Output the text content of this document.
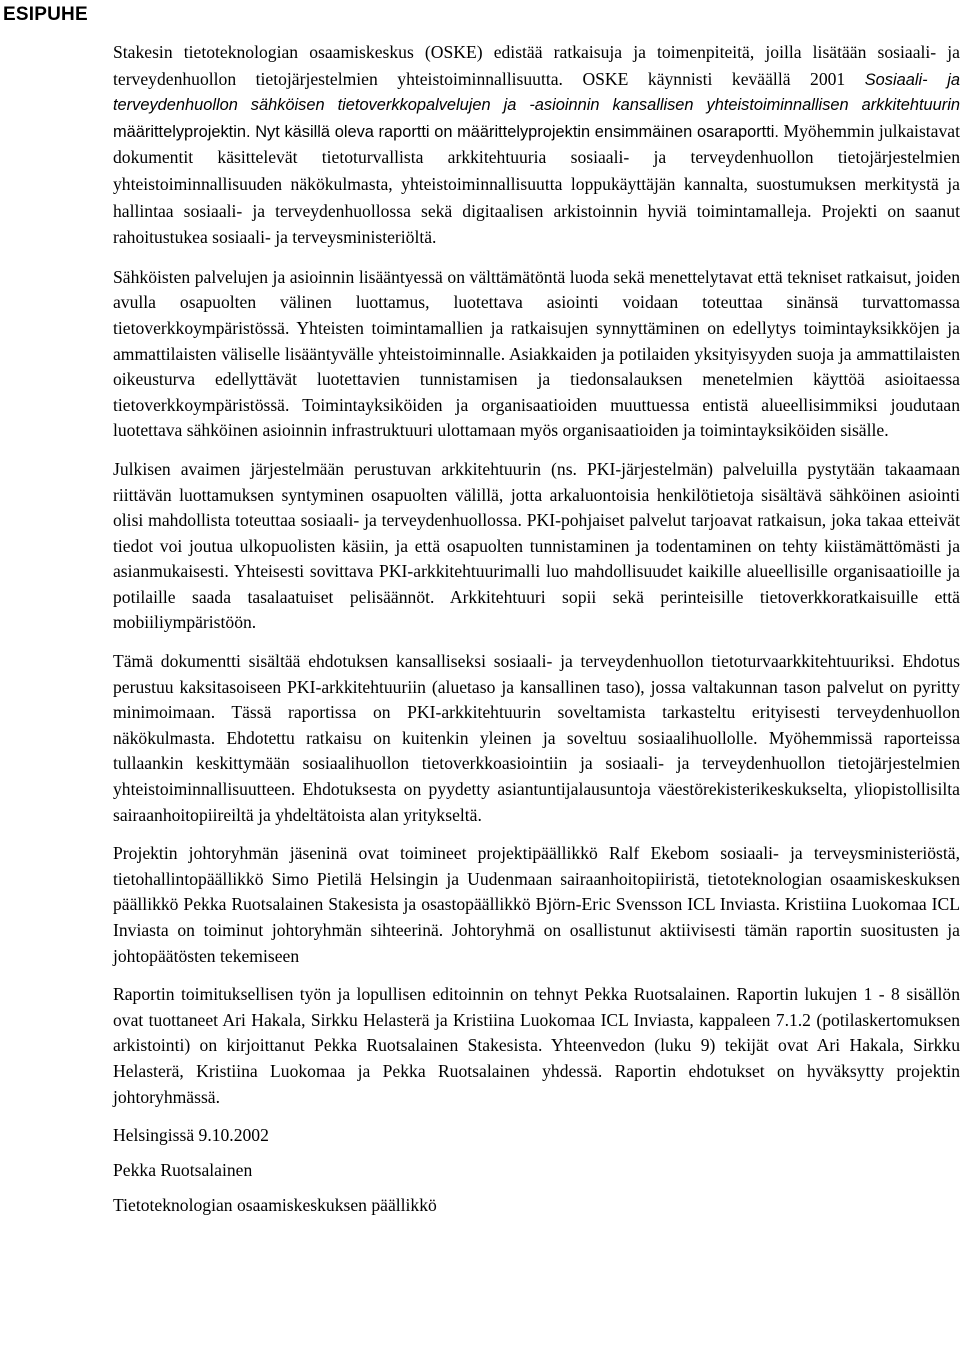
ESIPUHE

Stakesin tietoteknologian osaamiskeskus (OSKE) edistää ratkaisuja ja toimenpiteitä, joilla lisätään sosiaali- ja terveydenhuollon tietojärjestelmien yhteistoiminnallisuutta. OSKE käynnisti keväällä 2001 Sosiaali- ja terveydenhuollon sähköisen tietoverkkopalvelujen ja -asioinnin kansallisen yhteistoiminnallisen arkkitehtuurin määrittelyprojektin. Nyt käsillä oleva raportti on määrittelyprojektin ensimmäinen osaraportti. Myöhemmin julkaistavat dokumentit käsittelevät tietoturvallista arkkitehtuuria sosiaali- ja terveydenhuollon tietojärjestelmien yhteistoiminnallisuuden näkökulmasta, yhteistoiminnallisuutta loppukäyttäjän kannalta, suostumuksen merkitystä ja hallintaa sosiaali- ja terveydenhuollossa sekä digitaalisen arkistoinnin hyviä toimintamalleja. Projekti on saanut rahoitustukea sosiaali- ja terveysministeriöltä.

Sähköisten palvelujen ja asioinnin lisääntyessä on välttämätöntä luoda sekä menettelytavat että tekniset ratkaisut, joiden avulla osapuolten välinen luottamus, luotettava asiointi voidaan toteuttaa sinänsä turvattomassa tietoverkkoympäristössä. Yhteisten toimintamallien ja ratkaisujen synnyttäminen on edellytys toimintayksikköjen ja ammattilaisten väliselle lisääntyvälle yhteistoiminnalle. Asiakkaiden ja potilaiden yksityisyyden suoja ja ammattilaisten oikeusturva edellyttävät luotettavien tunnistamisen ja tiedonsalauksen menetelmien käyttöä asioitaessa tietoverkkoympäristössä. Toimintayksiköiden ja organisaatioiden muuttuessa entistä alueellisimmiksi joudutaan luotettava sähköinen asioinnin infrastruktuuri ulottamaan myös organisaatioiden ja toimintayksiköiden sisälle.

Julkisen avaimen järjestelmään perustuvan arkkitehtuurin (ns. PKI-järjestelmän) palveluilla pystytään takaamaan riittävän luottamuksen syntyminen osapuolten välillä, jotta arkaluontoisia henkilötietoja sisältävä sähköinen asiointi olisi mahdollista toteuttaa sosiaali- ja terveydenhuollossa. PKI-pohjaiset palvelut tarjoavat ratkaisun, joka takaa etteivät tiedot voi joutua ulkopuolisten käsiin, ja että osapuolten tunnistaminen ja todentaminen on tehty kiistämättömästi ja asianmukaisesti. Yhteisesti sovittava PKI-arkkitehtuurimalli luo mahdollisuudet kaikille alueellisille organisaatioille ja potilaille saada tasalaatuiset pelisäännöt. Arkkitehtuuri sopii sekä perinteisille tietoverkkoratkaisuille että mobiiliympäristöön.

Tämä dokumentti sisältää ehdotuksen kansalliseksi sosiaali- ja terveydenhuollon tietoturvaarkkitehtuuriksi. Ehdotus perustuu kaksitasoiseen PKI-arkkitehtuuriin (aluetaso ja kansallinen taso), jossa valtakunnan tason palvelut on pyritty minimoimaan. Tässä raportissa on PKI-arkkitehtuurin soveltamista tarkasteltu erityisesti terveydenhuollon näkökulmasta. Ehdotettu ratkaisu on kuitenkin yleinen ja soveltuu sosiaalihuollolle. Myöhemmissä raporteissa tullaankin keskittymään sosiaalihuollon tietoverkkoasiointiin ja sosiaali- ja terveydenhuollon tietojärjestelmien yhteistoiminnallisuutteen. Ehdotuksesta on pyydetty asiantuntijalausuntoja väestörekisterikeskukselta, yliopistollisilta sairaanhoitopiireiltä ja yhdeltätoista alan yritykseltä.

Projektin johtoryhmän jäseninä ovat toimineet projektipäällikkö Ralf Ekebom sosiaali- ja terveysministeriöstä, tietohallintopäällikkö Simo Pietilä Helsingin ja Uudenmaan sairaanhoitopiiristä, tietoteknologian osaamiskeskuksen päällikkö Pekka Ruotsalainen Stakesista ja osastopäällikkö Björn-Eric Svensson ICL Inviasta. Kristiina Luokomaa ICL Inviasta on toiminut johtoryhmän sihteerinä. Johtoryhmä on osallistunut aktiivisesti tämän raportin suositusten ja johtopäätösten tekemiseen

Raportin toimituksellisen työn ja lopullisen editoinnin on tehnyt Pekka Ruotsalainen. Raportin lukujen 1 - 8 sisällön ovat tuottaneet Ari Hakala, Sirkku Helasterä ja Kristiina Luokomaa ICL Inviasta, kappaleen 7.1.2 (potilaskertomuksen arkistointi) on kirjoittanut Pekka Ruotsalainen Stakesista. Yhteenvedon (luku 9) tekijät ovat Ari Hakala, Sirkku Helasterä, Kristiina Luokomaa ja Pekka Ruotsalainen yhdessä. Raportin ehdotukset on hyväksytty projektin johtoryhmässä.

Helsingissä 9.10.2002

Pekka Ruotsalainen

Tietoteknologian osaamiskeskuksen päällikkö
